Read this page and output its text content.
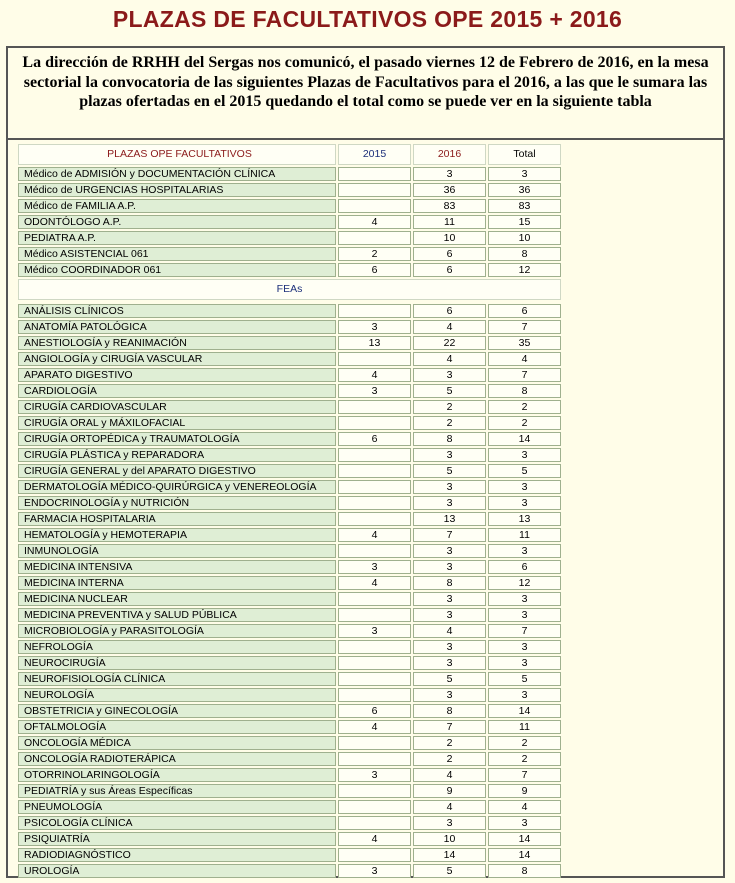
PLAZAS DE FACULTATIVOS OPE 2015 + 2016
La dirección de RRHH del Sergas nos comunicó, el pasado viernes 12 de Febrero de 2016, en la mesa sectorial la convocatoria de las siguientes Plazas de Facultativos para el 2016, a las que le sumara las plazas ofertadas en el 2015 quedando el total como se puede ver en la siguiente tabla
PLAZAS OPE FACULTATIVOS	2015	2016	Total
Médico de ADMISIÓN y DOCUMENTACIÓN CLÍNICA		3	3
Médico de URGENCIAS HOSPITALARIAS		36	36
Médico de FAMILIA A.P.		83	83
ODONTÓLOGO A.P.	4	11	15
PEDIATRA A.P.		10	10
Médico ASISTENCIAL 061	2	6	8
Médico COORDINADOR 061	6	6	12
FEAs			

ANÁLISIS CLÍNICOS		6	6
ANATOMÍA PATOLÓGICA	3	4	7
ANESTIOLOGÍA y REANIMACIÓN	13	22	35
ANGIOLOGÍA y CIRUGÍA VASCULAR		4	4
APARATO DIGESTIVO	4	3	7
CARDIOLOGÍA	3	5	8
CIRUGÍA CARDIOVASCULAR		2	2
CIRUGÍA ORAL y MÁXILOFACIAL		2	2
CIRUGÍA ORTOPÉDICA y TRAUMATOLOGÍA	6	8	14
CIRUGÍA PLÁSTICA y REPARADORA		3	3
CIRUGÍA GENERAL y del APARATO DIGESTIVO		5	5
DERMATOLOGÍA MÉDICO-QUIRÚRGICA y VENEREOLOGÍA		3	3
ENDOCRINOLOGÍA y NUTRICIÓN		3	3
FARMACIA HOSPITALARIA		13	13
HEMATOLOGÍA y HEMOTERAPIA	4	7	11
INMUNOLOGÍA		3	3
MEDICINA INTENSIVA	3	3	6
MEDICINA INTERNA	4	8	12
MEDICINA NUCLEAR		3	3
MEDICINA PREVENTIVA y SALUD PÚBLICA		3	3
MICROBIOLOGÍA y PARASITOLOGÍA	3	4	7
NEFROLOGÍA		3	3
NEUROCIRUGÍA		3	3
NEUROFISIOLOGÍA CLÍNICA		5	5
NEUROLOGÍA		3	3
OBSTETRICIA y GINECOLOGÍA	6	8	14
OFTALMOLOGÍA	4	7	11
ONCOLOGÍA MÉDICA		2	2
ONCOLOGÍA RADIOTERÁPICA		2	2
OTORRINOLARINGOLOGÍA	3	4	7
PEDIATRÍA y sus Áreas Específicas		9	9
PNEUMOLOGÍA		4	4
PSICOLOGÍA CLÍNICA		3	3
PSIQUIATRÍA	4	10	14
RADIODIAGNÓSTICO		14	14
UROLOGÍA	3	5	8
